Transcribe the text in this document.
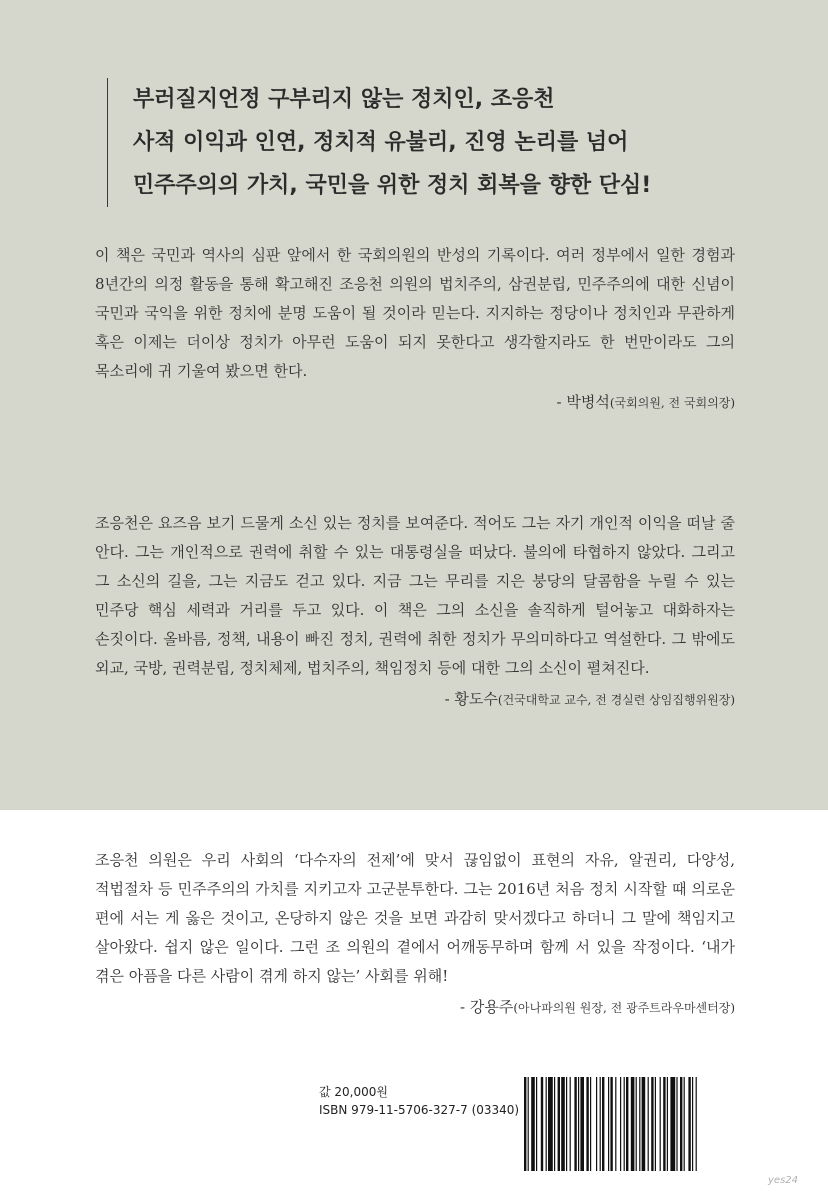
부러질지언정 구부리지 않는 정치인, 조응천
사적 이익과 인연, 정치적 유불리, 진영 논리를 넘어
민주주의의 가치, 국민을 위한 정치 회복을 향한 단심!
이 책은 국민과 역사의 심판 앞에서 한 국회의원의 반성의 기록이다. 여러 정부에서 일한 경험과 8년간의 의정 활동을 통해 확고해진 조응천 의원의 법치주의, 삼권분립, 민주주의에 대한 신념이 국민과 국익을 위한 정치에 분명 도움이 될 것이라 믿는다. 지지하는 정당이나 정치인과 무관하게 혹은 이제는 더이상 정치가 아무런 도움이 되지 못한다고 생각할지라도 한 번만이라도 그의 목소리에 귀 기울여 봤으면 한다.
- 박병석(국회의원, 전 국회의장)
조응천은 요즈음 보기 드물게 소신 있는 정치를 보여준다. 적어도 그는 자기 개인적 이익을 떠날 줄 안다. 그는 개인적으로 권력에 취할 수 있는 대통령실을 떠났다. 불의에 타협하지 않았다. 그리고 그 소신의 길을, 그는 지금도 걷고 있다. 지금 그는 무리를 지은 붕당의 달콤함을 누릴 수 있는 민주당 핵심 세력과 거리를 두고 있다. 이 책은 그의 소신을 솔직하게 털어놓고 대화하자는 손짓이다. 올바름, 정책, 내용이 빠진 정치, 권력에 취한 정치가 무의미하다고 역설한다. 그 밖에도 외교, 국방, 권력분립, 정치체제, 법치주의, 책임정치 등에 대한 그의 소신이 펼쳐진다.
- 황도수(건국대학교 교수, 전 경실련 상임집행위원장)
조응천 의원은 우리 사회의 ‘다수자의 전제’에 맞서 끊임없이 표현의 자유, 알권리, 다양성, 적법절차 등 민주주의의 가치를 지키고자 고군분투한다. 그는 2016년 처음 정치 시작할 때 의로운 편에 서는 게 옳은 것이고, 온당하지 않은 것을 보면 과감히 맞서겠다고 하더니 그 말에 책임지고 살아왔다. 쉽지 않은 일이다. 그런 조 의원의 곁에서 어깨동무하며 함께 서 있을 작정이다. ‘내가 겪은 아픔을 다른 사람이 겪게 하지 않는’ 사회를 위해!
- 강용주(아나파의원 원장, 전 광주트라우마센터장)
값 20,000원
ISBN 979-11-5706-327-7 (03340)
yes24
